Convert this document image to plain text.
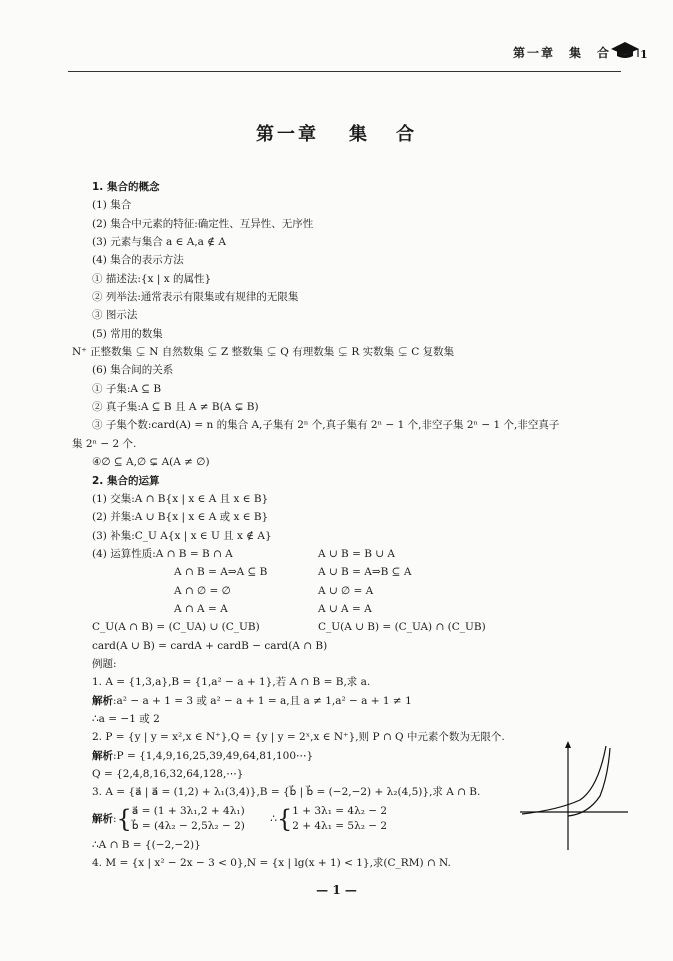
第一章　集　合	1
第一章 集 合
1. 集合的概念
(1) 集合
(2) 集合中元素的特征:确定性、互异性、无序性
(3) 元素与集合 a ∈ A,a ∉ A
(4) 集合的表示方法
① 描述法:{x | x 的属性}
② 列举法:通常表示有限集或有规律的无限集
③ 图示法
(5) 常用的数集
N⁺ 正整数集 ⊊ N 自然数集 ⊊ Z 整数集 ⊊ Q 有理数集 ⊊ R 实数集 ⊊ C 复数集
(6) 集合间的关系
① 子集:A ⊆ B
② 真子集:A ⊆ B 且 A ≠ B(A ⊊ B)
③ 子集个数:card(A) = n 的集合 A,子集有 2ⁿ 个,真子集有 2ⁿ − 1 个,非空子集 2ⁿ − 1 个,非空真子
集 2ⁿ − 2 个.
④∅ ⊆ A,∅ ⊊ A(A ≠ ∅)
2. 集合的运算
(1) 交集:A ∩ B{x | x ∈ A 且 x ∈ B}
(2) 并集:A ∪ B{x | x ∈ A 或 x ∈ B}
(3) 补集:C_U A{x | x ∈ U 且 x ∉ A}
(4) 运算性质:A ∩ B = B ∩ A	A ∪ B = B ∪ A
A ∩ B = A⇒A ⊆ B	A ∪ B = A⇒B ⊆ A
A ∩ ∅ = ∅	A ∪ ∅ = A
A ∩ A = A	A ∪ A = A
C_U(A ∩ B) = (C_UA) ∪ (C_UB)	C_U(A ∪ B) = (C_UA) ∩ (C_UB)
card(A ∪ B) = cardA + cardB − card(A ∩ B)
例题:
1. A = {1,3,a},B = {1,a² − a + 1},若 A ∩ B = B,求 a.
解析:a² − a + 1 = 3 或 a² − a + 1 = a,且 a ≠ 1,a² − a + 1 ≠ 1
∴a = −1 或 2
2. P = {y | y = x²,x ∈ N⁺},Q = {y | y = 2ˣ,x ∈ N⁺},则 P ∩ Q 中元素个数为无限个.
解析:P = {1,4,9,16,25,39,49,64,81,100⋯}
Q = {2,4,8,16,32,64,128,⋯}
3. A = {a⃗ | a⃗ = (1,2) + λ₁(3,4)},B = {b⃗ | b⃗ = (−2,−2) + λ₂(4,5)},求 A ∩ B.
解析:{a⃗ = (1 + 3λ₁,2 + 4λ₁)
b⃗ = (4λ₂ − 2,5λ₂ − 2) ∴{1 + 3λ₁ = 4λ₂ − 2
2 + 4λ₁ = 5λ₂ − 2
∴A ∩ B = {(−2,−2)}
4. M = {x | x² − 2x − 3 < 0},N = {x | lg(x + 1) < 1},求(C_RM) ∩ N.
— 1 —
